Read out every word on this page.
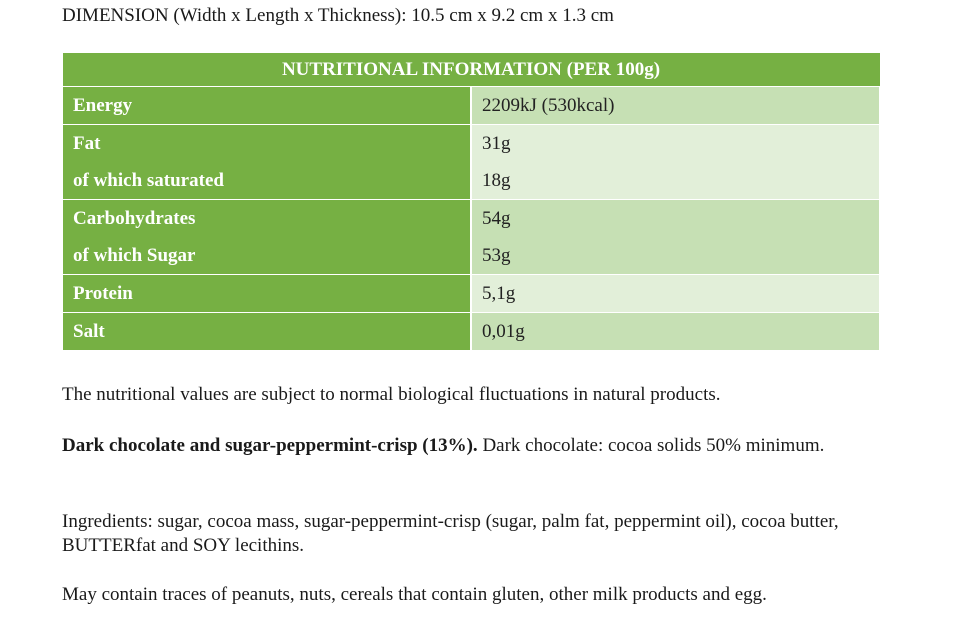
DIMENSION (Width x Length x Thickness): 10.5 cm x 9.2 cm x 1.3 cm
NUTRITIONAL INFORMATION (PER 100g)	
Energy	2209kJ (530kcal)
Fat	31g
of which saturated	18g
Carbohydrates	54g
of which Sugar	53g
Protein	5,1g
Salt	0,01g
The nutritional values are subject to normal biological fluctuations in natural products.
Dark chocolate and sugar-peppermint-crisp (13%). Dark chocolate: cocoa solids 50% minimum.
Ingredients: sugar, cocoa mass, sugar-peppermint-crisp (sugar, palm fat, peppermint oil), cocoa butter, BUTTERfat and SOY lecithins.
May contain traces of peanuts, nuts, cereals that contain gluten, other milk products and egg.
